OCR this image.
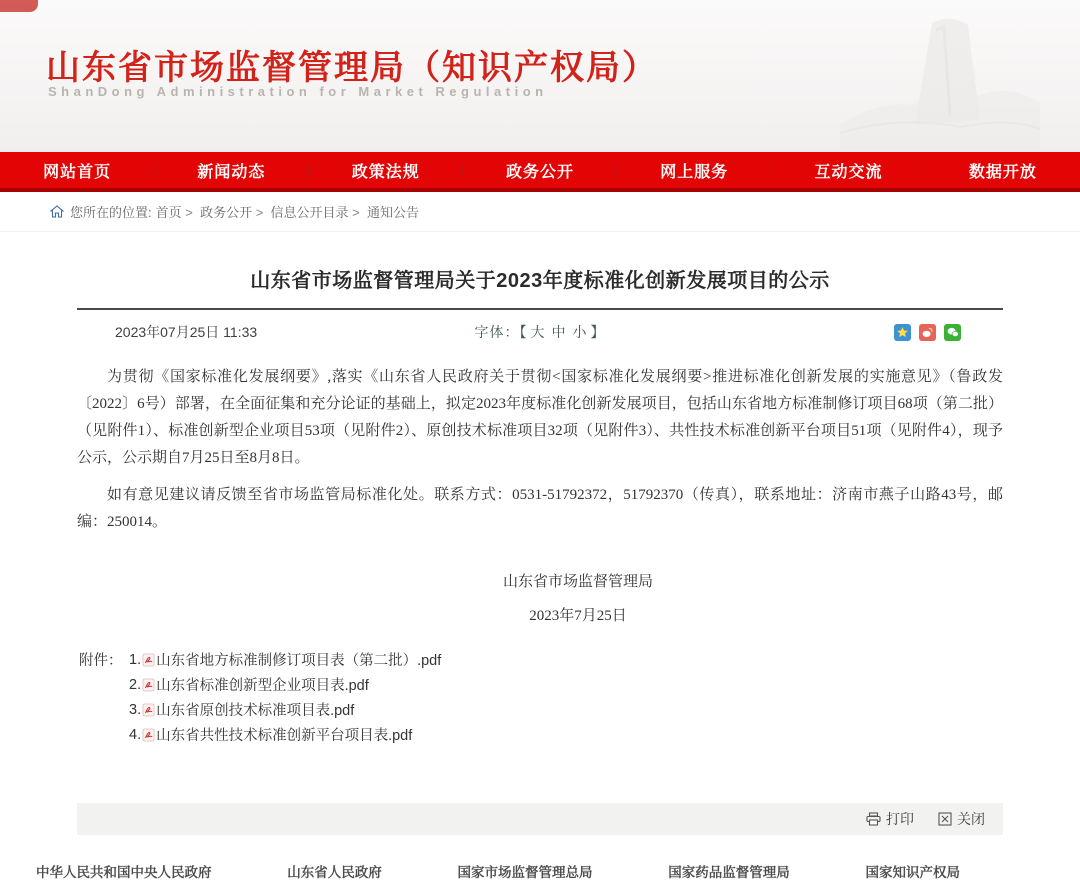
山东省市场监督管理局（知识产权局）
ShanDong Administration for Market Regulation
网站首页	| 新闻动态	| 政策法规	| 政务公开	| 网上服务	| 互动交流	| 数据开放
您所在的位置: 首页	>  政务公开	>  信息公开目录	>  通知公告
山东省市场监督管理局关于2023年度标准化创新发展项目的公示
2023年07月25日 11:33	字体：【 大 中 小 】

为贯彻《国家标准化发展纲要》,落实《山东省人民政府关于贯彻<国家标准化发展纲要>推进标准化创新发展的实施意见》（鲁政发〔2022〕6号）部署，在全面征集和充分论证的基础上，拟定2023年度标准化创新发展项目，包括山东省地方标准制修订项目68项（第二批）（见附件1）、标准创新型企业项目53项（见附件2）、原创技术标准项目32项（见附件3）、共性技术标准创新平台项目51项（见附件4），现予公示，公示期自7月25日至8月8日。

如有意见建议请反馈至省市场监管局标准化处。联系方式：0531-51792372，51792370（传真），联系地址：济南市燕子山路43号，邮编：250014。

山东省市场监督管理局
2023年7月25日
附件： 1. 山东省地方标准制修订项目表（第二批）.pdf
2. 山东省标准创新型企业项目表.pdf
3. 山东省原创技术标准项目表.pdf
4. 山东省共性技术标准创新平台项目表.pdf
打印	关闭
中华人民共和国中央人民政府	山东省人民政府	国家市场监督管理总局	国家药品监督管理局	国家知识产权局
